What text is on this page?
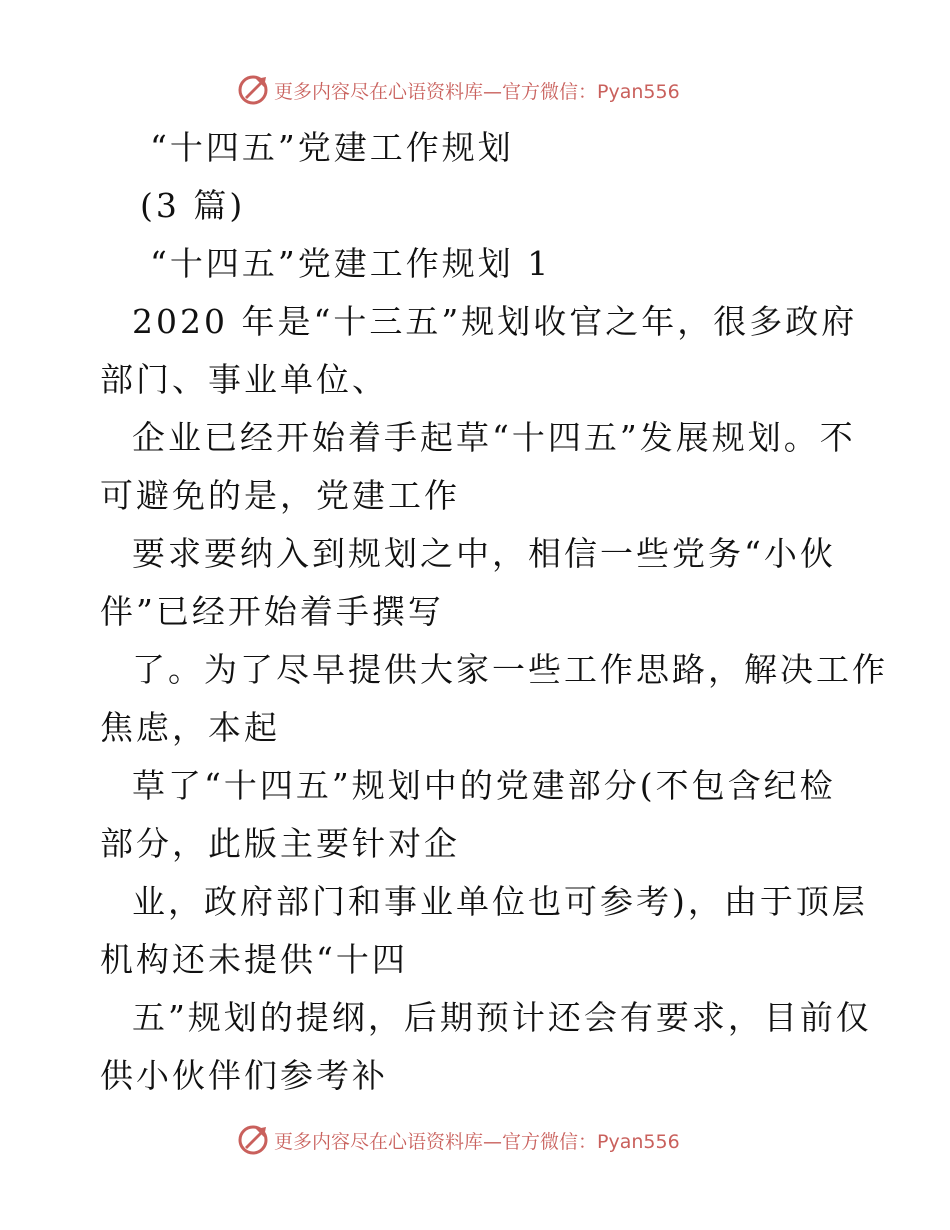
更多内容尽在心语资料库—官方微信：Pyan556
“十四五”党建工作规划
(3 篇)
“十四五”党建工作规划 1
2020 年是“十三五”规划收官之年，很多政府
部门、事业单位、
企业已经开始着手起草“十四五”发展规划。不
可避免的是，党建工作
要求要纳入到规划之中，相信一些党务“小伙
伴”已经开始着手撰写
了。为了尽早提供大家一些工作思路，解决工作
焦虑，本起
草了“十四五”规划中的党建部分(不包含纪检
部分，此版主要针对企
业，政府部门和事业单位也可参考)，由于顶层
机构还未提供“十四
五”规划的提纲，后期预计还会有要求，目前仅
供小伙伴们参考补
更多内容尽在心语资料库—官方微信：Pyan556
